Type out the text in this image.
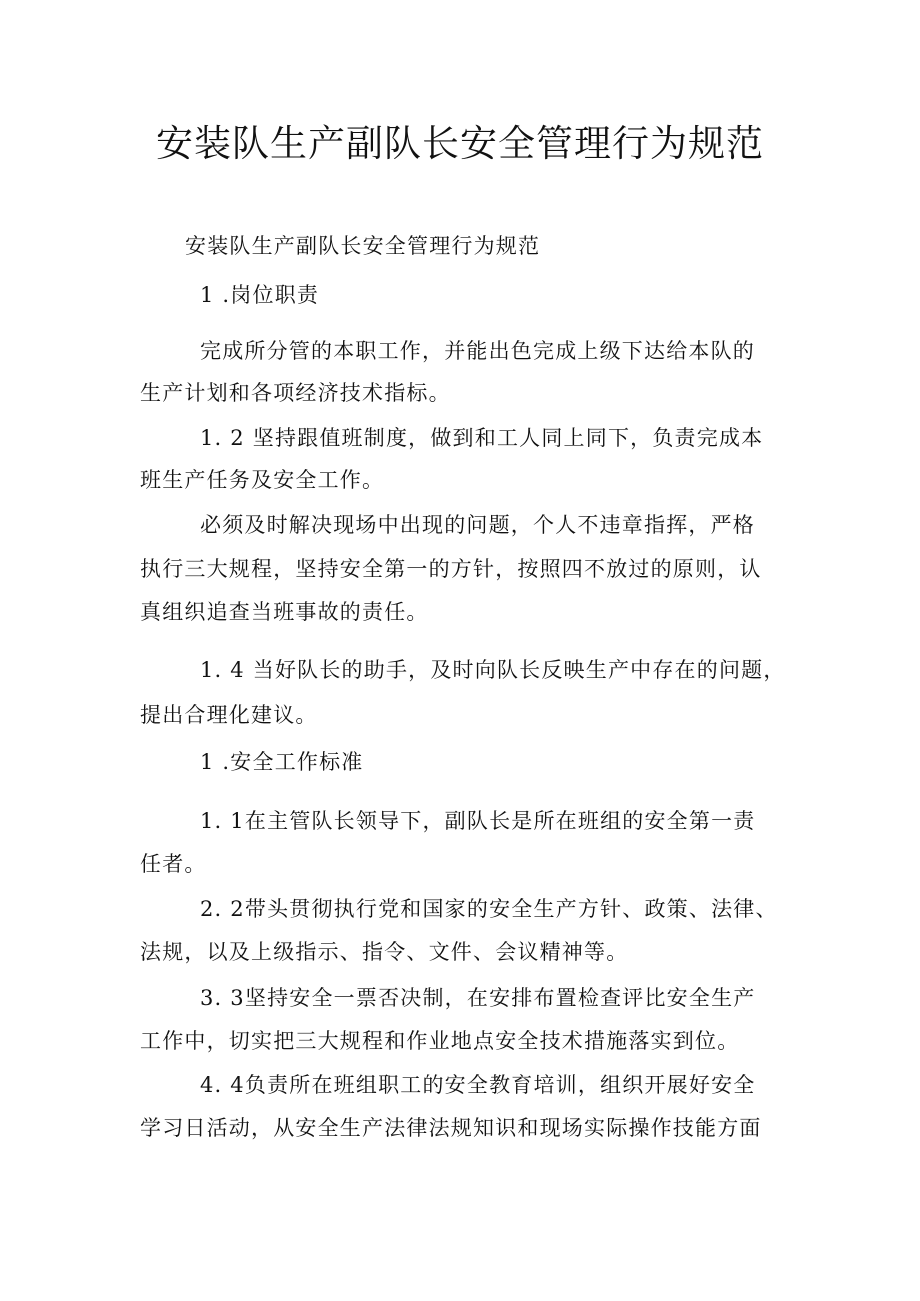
安装队生产副队长安全管理行为规范

安装队生产副队长安全管理行为规范

1 .岗位职责

完成所分管的本职工作，并能出色完成上级下达给本队的

生产计划和各项经济技术指标。

1. 2 坚持跟值班制度，做到和工人同上同下，负责完成本

班生产任务及安全工作。

必须及时解决现场中出现的问题，个人不违章指挥，严格

执行三大规程，坚持安全第一的方针，按照四不放过的原则，认

真组织追查当班事故的责任。

1. 4 当好队长的助手，及时向队长反映生产中存在的问题，

提出合理化建议。

1 .安全工作标准

1. 1在主管队长领导下，副队长是所在班组的安全第一责

任者。

2. 2带头贯彻执行党和国家的安全生产方针、政策、法律、

法规，以及上级指示、指令、文件、会议精神等。

3. 3坚持安全一票否决制，在安排布置检查评比安全生产

工作中，切实把三大规程和作业地点安全技术措施落实到位。

4. 4负责所在班组职工的安全教育培训，组织开展好安全

学习日活动，从安全生产法律法规知识和现场实际操作技能方面
